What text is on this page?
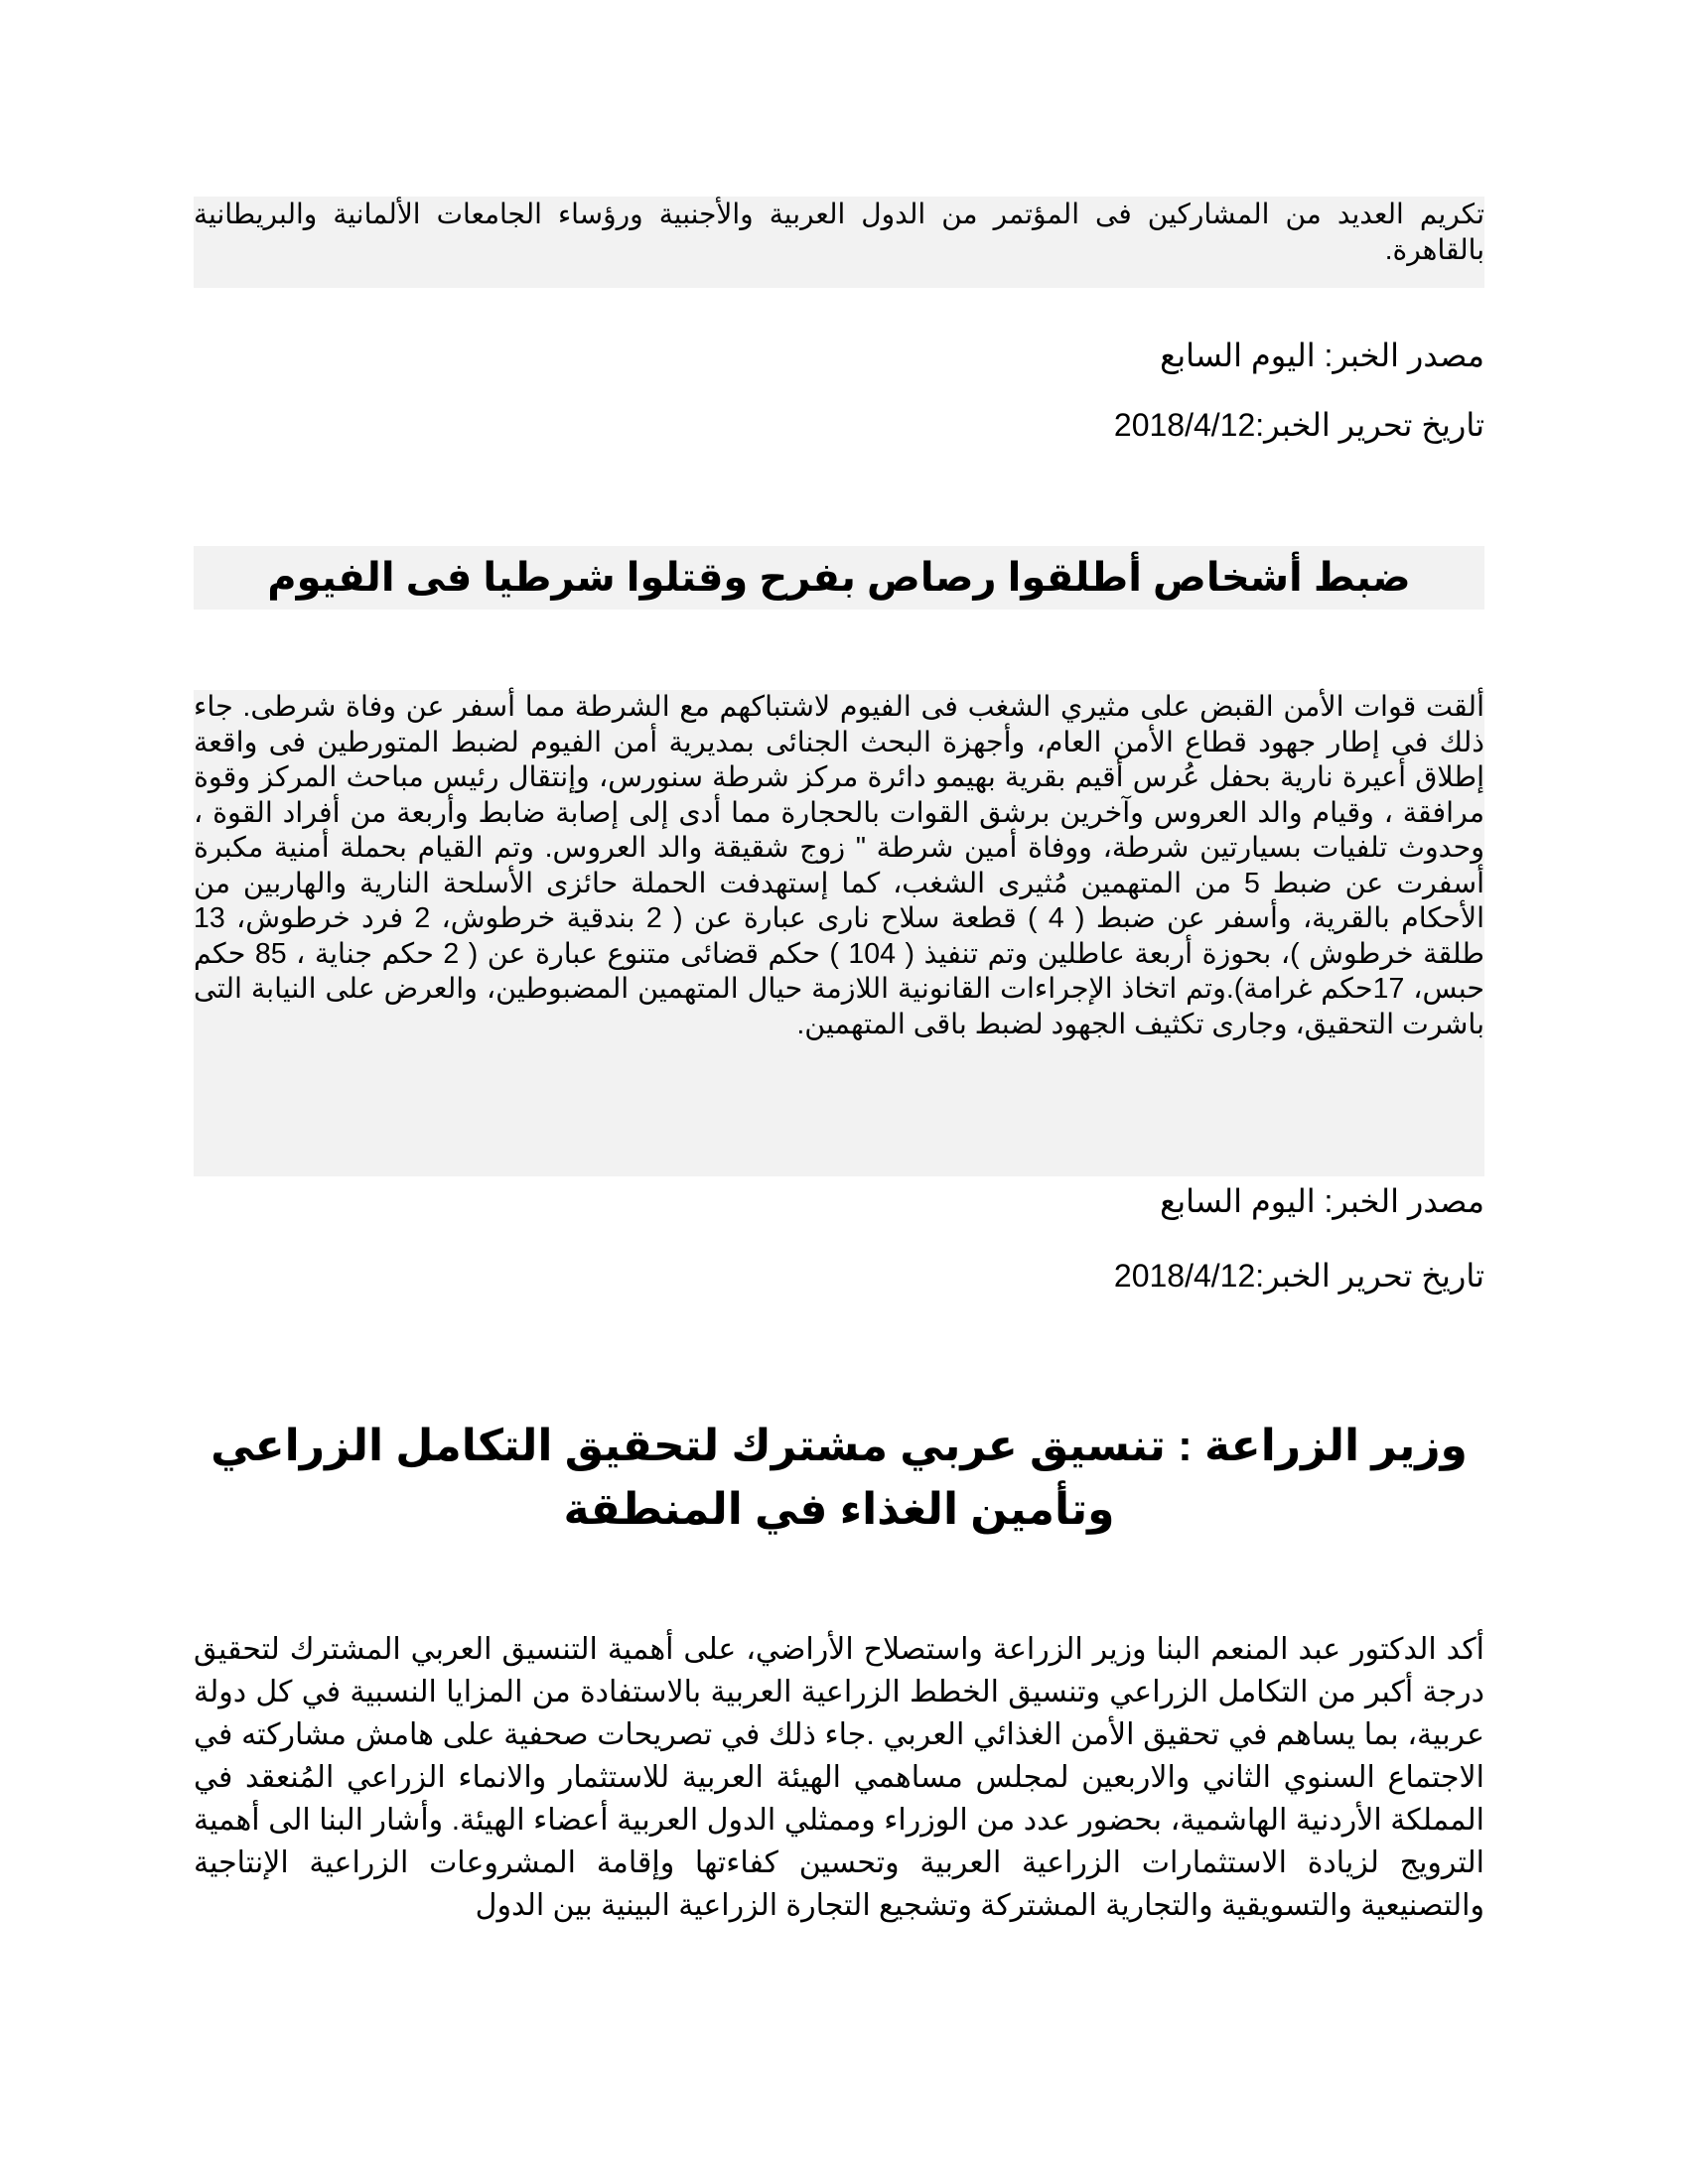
تكريم العديد من المشاركين فى المؤتمر من الدول العربية والأجنبية ورؤساء الجامعات الألمانية والبريطانية بالقاهرة.
مصدر الخبر: اليوم السابع
تاريخ تحرير الخبر:2018/4/12
ضبط أشخاص أطلقوا رصاص بفرح وقتلوا شرطيا فى الفيوم
ألقت قوات الأمن القبض على مثيري الشغب فى الفيوم لاشتباكهم مع الشرطة مما أسفر عن وفاة شرطى. جاء ذلك فى إطار جهود قطاع الأمن العام، وأجهزة البحث الجنائى بمديرية أمن الفيوم لضبط المتورطين فى واقعة إطلاق أعيرة نارية بحفل عُرس أقيم بقرية بهيمو دائرة مركز شرطة سنورس، وإنتقال رئيس مباحث المركز وقوة مرافقة ، وقيام والد العروس وآخرين برشق القوات بالحجارة مما أدى إلى إصابة ضابط وأربعة من أفراد القوة ، وحدوث تلفيات بسيارتين شرطة، ووفاة أمين شرطة " زوج شقيقة والد العروس. وتم القيام بحملة أمنية مكبرة أسفرت عن ضبط 5 من المتهمين مُثيرى الشغب، كما إستهدفت الحملة حائزى الأسلحة النارية والهاربين من الأحكام بالقرية، وأسفر عن ضبط ( 4 ) قطعة سلاح نارى عبارة عن ( 2 بندقية خرطوش، 2 فرد خرطوش، 13 طلقة خرطوش )، بحوزة أربعة عاطلين وتم تنفيذ ( 104 ) حكم قضائى متنوع عبارة عن ( 2 حكم جناية ، 85 حكم حبس، 17حكم غرامة).وتم اتخاذ الإجراءات القانونية اللازمة حيال المتهمين المضبوطين، والعرض على النيابة التى باشرت التحقيق، وجارى تكثيف الجهود لضبط باقى المتهمين.
مصدر الخبر: اليوم السابع
تاريخ تحرير الخبر:2018/4/12
وزير الزراعة : تنسيق عربي مشترك لتحقيق التكامل الزراعي وتأمين الغذاء في المنطقة
أكد الدكتور عبد المنعم البنا وزير الزراعة واستصلاح الأراضي، على أهمية التنسيق العربي المشترك لتحقيق درجة أكبر من التكامل الزراعي وتنسيق الخطط الزراعية العربية بالاستفادة من المزايا النسبية في كل دولة عربية، بما يساهم في تحقيق الأمن الغذائي العربي .جاء ذلك في تصريحات صحفية على هامش مشاركته في الاجتماع السنوي الثاني والاربعين لمجلس مساهمي الهيئة العربية للاستثمار والانماء الزراعي المُنعقد في المملكة الأردنية الهاشمية، بحضور عدد من الوزراء وممثلي الدول العربية أعضاء الهيئة. وأشار البنا الى أهمية الترويج لزيادة الاستثمارات الزراعية العربية وتحسين كفاءتها وإقامة المشروعات الزراعية الإنتاجية والتصنيعية والتسويقية والتجارية المشتركة وتشجيع التجارة الزراعية البينية بين الدول
